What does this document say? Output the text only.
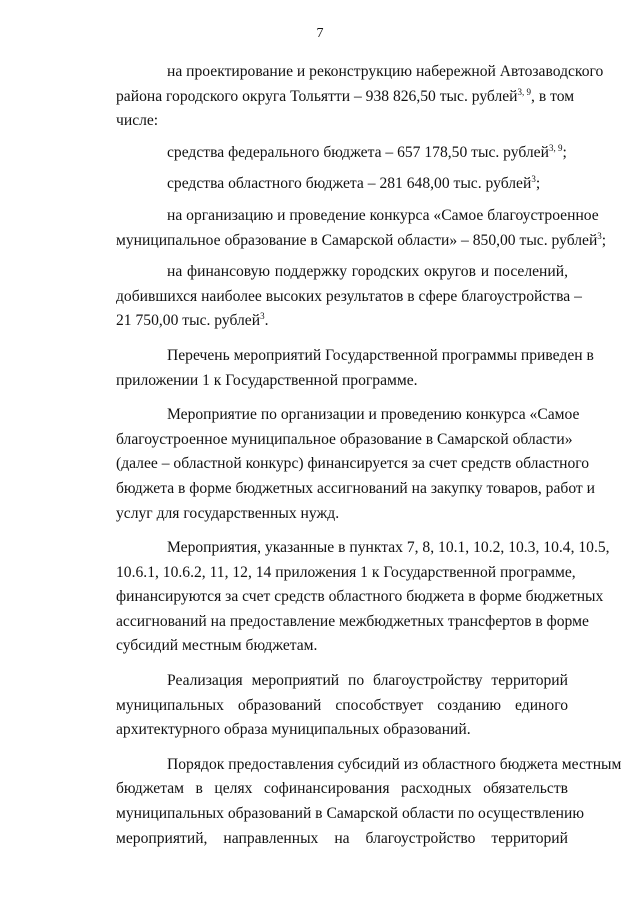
7
на проектирование и реконструкцию набережной Автозаводского
района городского округа Тольятти – 938 826,50 тыс. рублей$^{3, 9}$, в том
числе:
средства федерального бюджета – 657 178,50 тыс. рублей$^{3, 9}$;
средства областного бюджета – 281 648,00 тыс. рублей$^3$;
на организацию и проведение конкурса «Самое благоустроенное
муниципальное образование в Самарской области» – 850,00 тыс. рублей$^3$;
на финансовую поддержку городских округов и поселений,
добившихся наиболее высоких результатов в сфере благоустройства –
21 750,00 тыс. рублей$^3$.
Перечень мероприятий Государственной программы приведен в
приложении 1 к Государственной программе.
Мероприятие по организации и проведению конкурса «Самое
благоустроенное муниципальное образование в Самарской области»
(далее – областной конкурс) финансируется за счет средств областного
бюджета в форме бюджетных ассигнований на закупку товаров, работ и
услуг для государственных нужд.
Мероприятия, указанные в пунктах 7, 8, 10.1, 10.2, 10.3, 10.4, 10.5,
10.6.1, 10.6.2, 11, 12, 14 приложения 1 к Государственной программе,
финансируются за счет средств областного бюджета в форме бюджетных
ассигнований на предоставление межбюджетных трансфертов в форме
субсидий местным бюджетам.
Реализация мероприятий по благоустройству территорий
муниципальных образований способствует созданию единого
архитектурного образа муниципальных образований.
Порядок предоставления субсидий из областного бюджета местным
бюджетам в целях софинансирования расходных обязательств
муниципальных образований в Самарской области по осуществлению
мероприятий, направленных на благоустройство территорий
